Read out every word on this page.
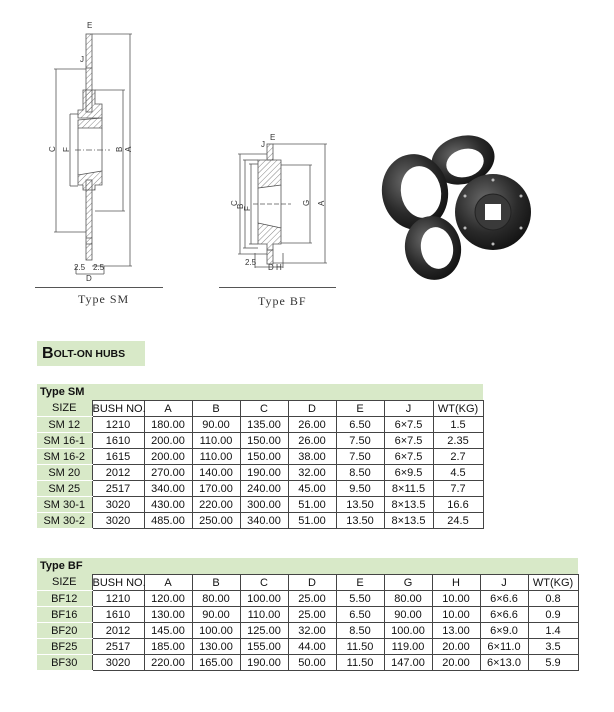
E
J
C F	B A
2.5 2.5
D
Type SM
E
J
C
B
F
G A
2.5
D H
Type BF
B OLT-ON HUBS
Type SM								
SIZE	BUSH NO.	A	B	C	D	E	J	WT(KG)
SM 12	1210	180.00	90.00	135.00	26.00	6.50	6×7.5	1.5
SM 16-1	1610	200.00	110.00	150.00	26.00	7.50	6×7.5	2.35
SM 16-2	1615	200.00	110.00	150.00	38.00	7.50	6×7.5	2.7
SM 20	2012	270.00	140.00	190.00	32.00	8.50	6×9.5	4.5
SM 25	2517	340.00	170.00	240.00	45.00	9.50	8×11.5	7.7
SM 30-1	3020	430.00	220.00	300.00	51.00	13.50	8×13.5	16.6
SM 30-2	3020	485.00	250.00	340.00	51.00	13.50	8×13.5	24.5
Type BF										
SIZE	BUSH NO.	A	B	C	D	E	G	H	J	WT(KG)
BF12	1210	120.00	80.00	100.00	25.00	5.50	80.00	10.00	6×6.6	0.8
BF16	1610	130.00	90.00	110.00	25.00	6.50	90.00	10.00	6×6.6	0.9
BF20	2012	145.00	100.00	125.00	32.00	8.50	100.00	13.00	6×9.0	1.4
BF25	2517	185.00	130.00	155.00	44.00	11.50	119.00	20.00	6×11.0	3.5
BF30	3020	220.00	165.00	190.00	50.00	11.50	147.00	20.00	6×13.0	5.9
